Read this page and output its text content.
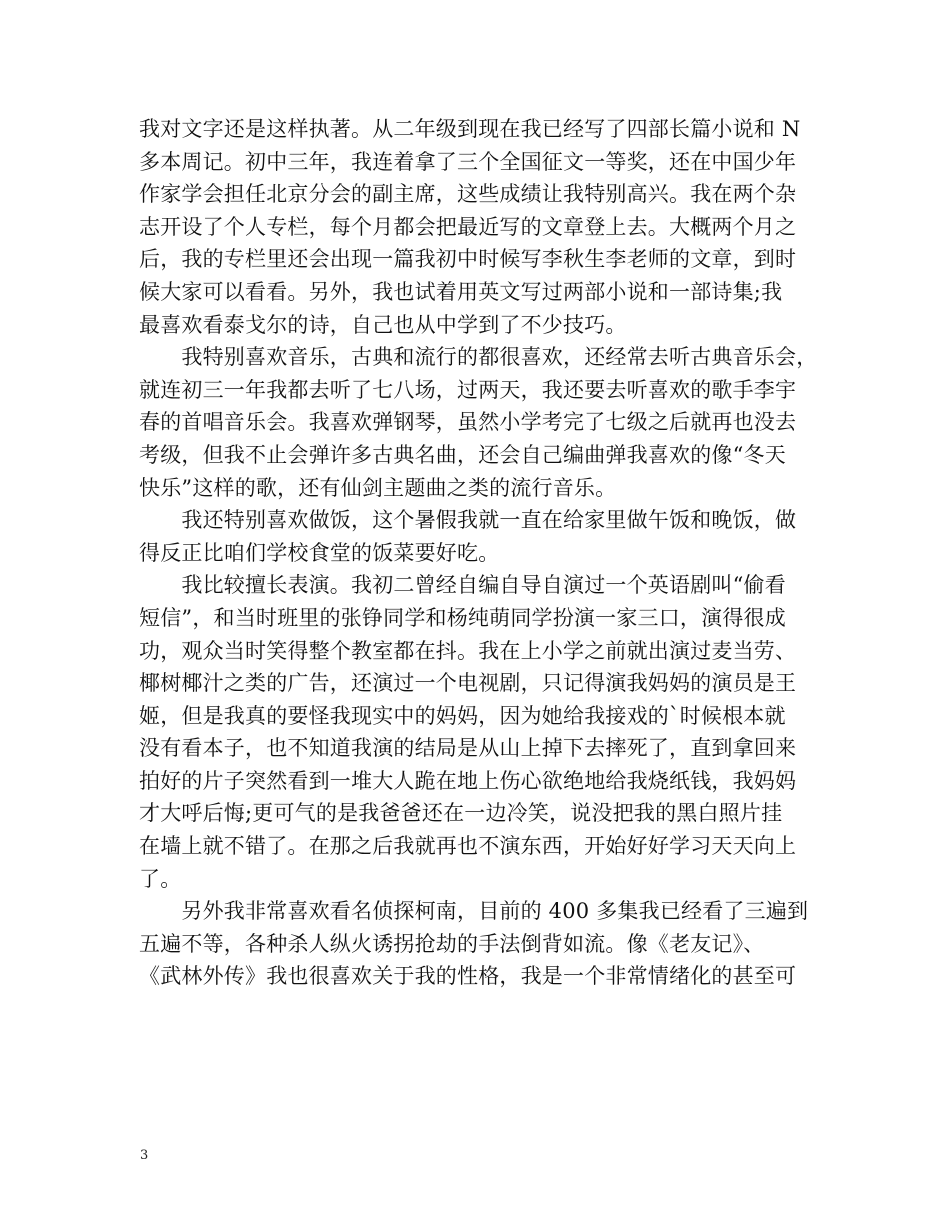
我对文字还是这样执著。从二年级到现在我已经写了四部长篇小说和 N
多本周记。初中三年，我连着拿了三个全国征文一等奖，还在中国少年
作家学会担任北京分会的副主席，这些成绩让我特别高兴。我在两个杂
志开设了个人专栏，每个月都会把最近写的文章登上去。大概两个月之
后，我的专栏里还会出现一篇我初中时候写李秋生李老师的文章，到时
候大家可以看看。另外，我也试着用英文写过两部小说和一部诗集;我
最喜欢看泰戈尔的诗，自己也从中学到了不少技巧。
　　我特别喜欢音乐，古典和流行的都很喜欢，还经常去听古典音乐会，
就连初三一年我都去听了七八场，过两天，我还要去听喜欢的歌手李宇
春的首唱音乐会。我喜欢弹钢琴，虽然小学考完了七级之后就再也没去
考级，但我不止会弹许多古典名曲，还会自己编曲弹我喜欢的像“冬天
快乐”这样的歌，还有仙剑主题曲之类的流行音乐。
　　我还特别喜欢做饭，这个暑假我就一直在给家里做午饭和晚饭，做
得反正比咱们学校食堂的饭菜要好吃。
　　我比较擅长表演。我初二曾经自编自导自演过一个英语剧叫“偷看
短信”，和当时班里的张铮同学和杨纯萌同学扮演一家三口，演得很成
功，观众当时笑得整个教室都在抖。我在上小学之前就出演过麦当劳、
椰树椰汁之类的广告，还演过一个电视剧，只记得演我妈妈的演员是王
姬，但是我真的要怪我现实中的妈妈，因为她给我接戏的`时候根本就
没有看本子，也不知道我演的结局是从山上掉下去摔死了，直到拿回来
拍好的片子突然看到一堆大人跪在地上伤心欲绝地给我烧纸钱，我妈妈
才大呼后悔;更可气的是我爸爸还在一边冷笑，说没把我的黑白照片挂
在墙上就不错了。在那之后我就再也不演东西，开始好好学习天天向上
了。
　　另外我非常喜欢看名侦探柯南，目前的 400 多集我已经看了三遍到
五遍不等，各种杀人纵火诱拐抢劫的手法倒背如流。像《老友记》、
《武林外传》我也很喜欢关于我的性格，我是一个非常情绪化的甚至可
3
